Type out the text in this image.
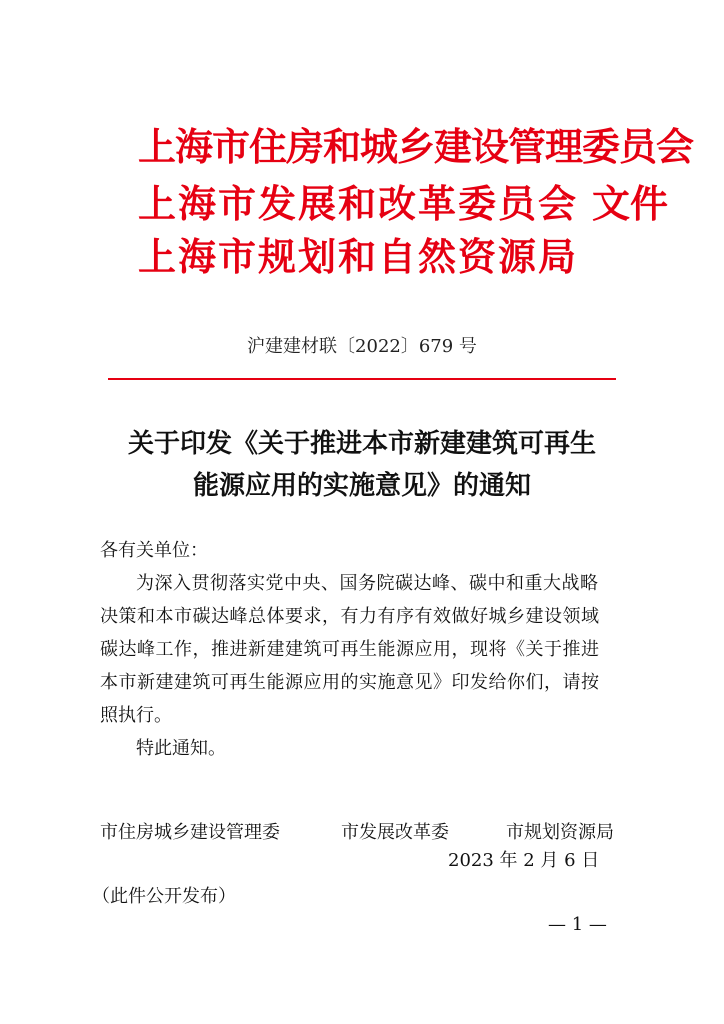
上海市住房和城乡建设管理委员会
上海市发展和改革委员会 文件
上海市规划和自然资源局
沪建建材联〔2022〕679 号
关于印发《关于推进本市新建建筑可再生
能源应用的实施意见》的通知
各有关单位：
为深入贯彻落实党中央、国务院碳达峰、碳中和重大战略
决策和本市碳达峰总体要求，有力有序有效做好城乡建设领域
碳达峰工作，推进新建建筑可再生能源应用，现将《关于推进
本市新建建筑可再生能源应用的实施意见》印发给你们，请按
照执行。
特此通知。
市住房城乡建设管理委	市发展改革委	市规划资源局
2023 年 2 月 6 日
（此件公开发布）
— 1 —
